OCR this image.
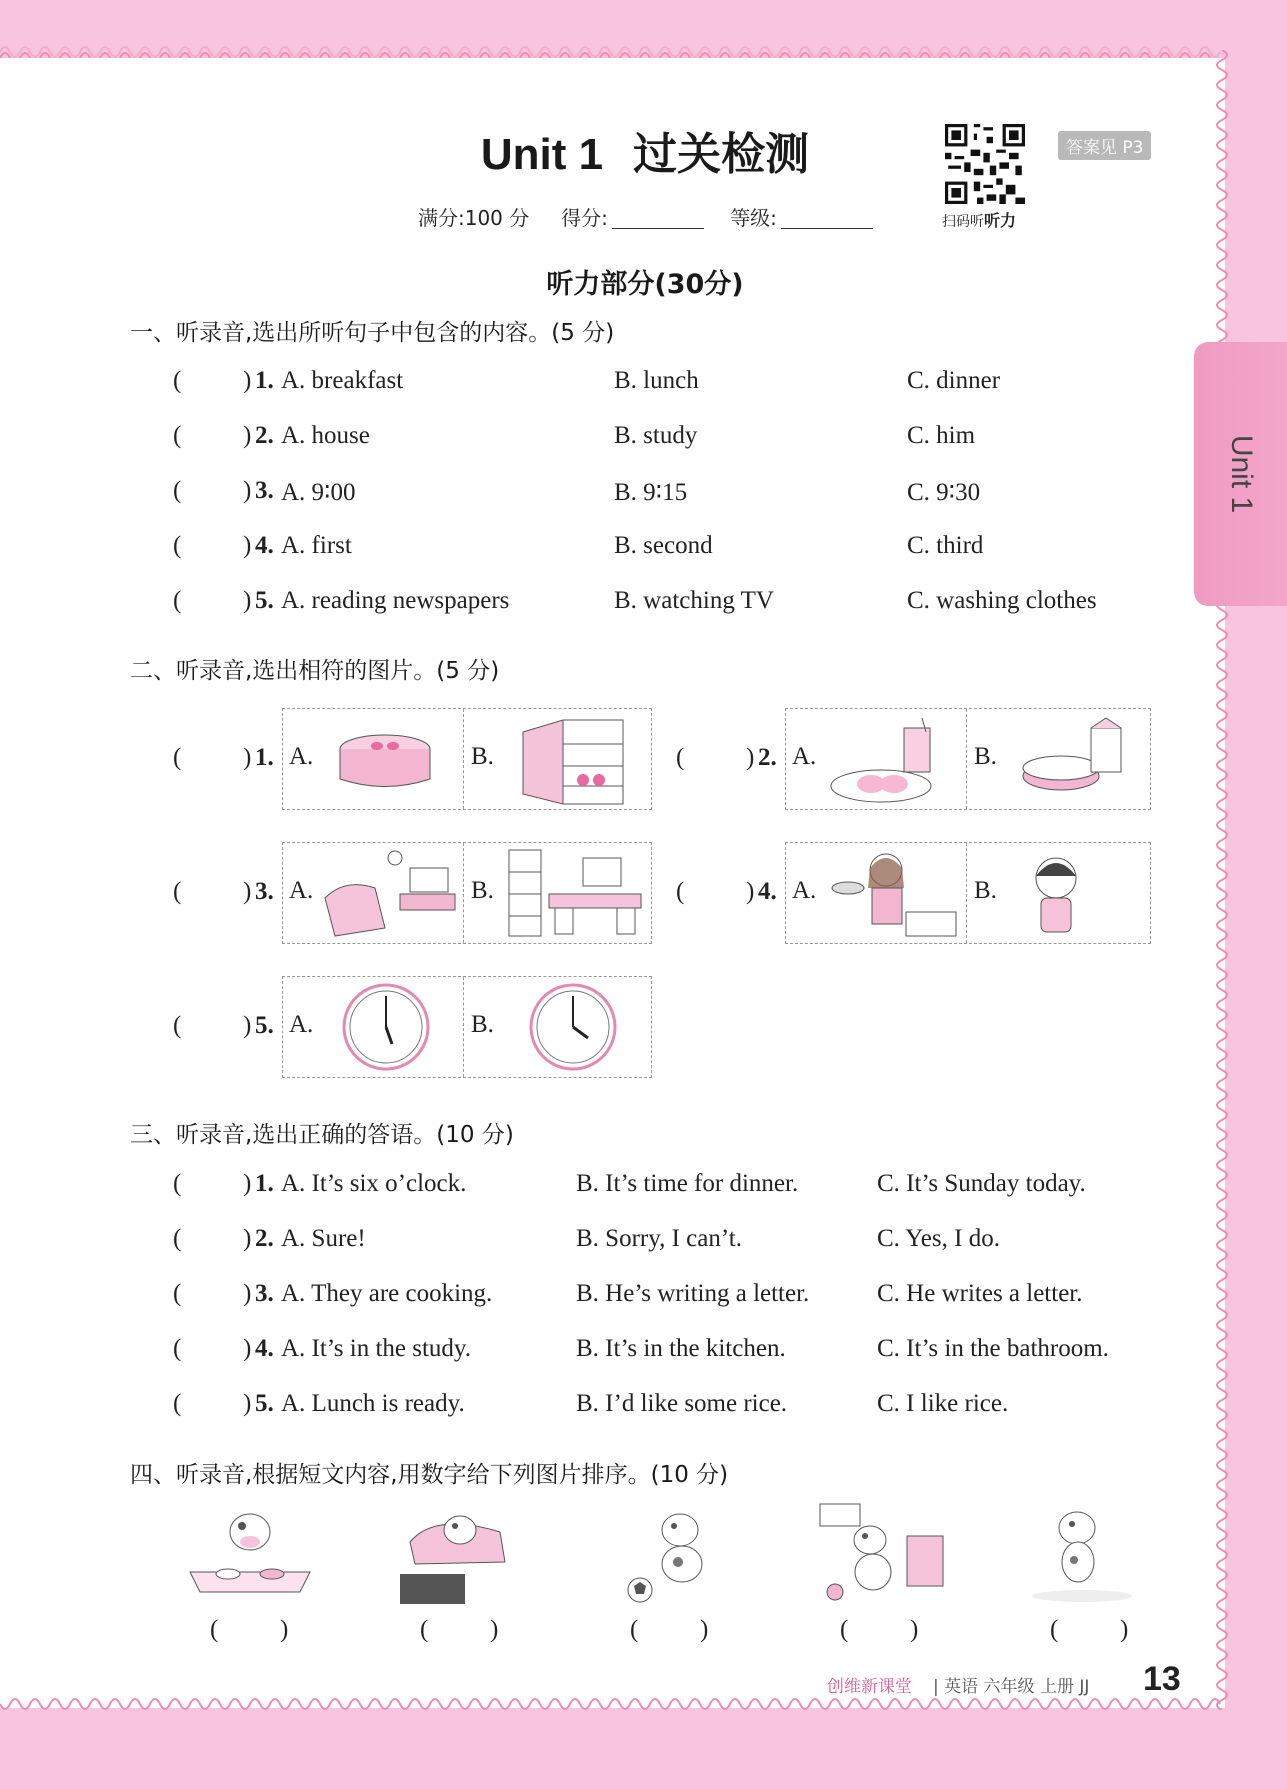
Unit 1
Unit 1 过关检测
扫码听听力
答案见 P3
满分:100 分 得分:	等级:
听力部分(30分)
一、听录音,选出所听句子中包含的内容。(5 分)
( ) 1. A. breakfast	B. lunch	C. dinner
( ) 2. A. house	B. study	C. him
( ) 3. A. 9∶00	B. 9∶15	C. 9∶30
( ) 4. A. first	B. second	C. third
( ) 5. A. reading newspapers	B. watching TV	C. washing clothes
二、听录音,选出相符的图片。(5 分)
( ) 1. A.	B.	( ) 2. A.	B.
( ) 3. A.	B.	( ) 4. A.	B.
( ) 5. A.	B.
三、听录音,选出正确的答语。(10 分)
( ) 1. A. It’s six o’clock.	B. It’s time for dinner.	C. It’s Sunday today.
( ) 2. A. Sure!	B. Sorry, I can’t.	C. Yes, I do.
( ) 3. A. They are cooking.	B. He’s writing a letter.	C. He writes a letter.
( ) 4. A. It’s in the study.	B. It’s in the kitchen.	C. It’s in the bathroom.
( ) 5. A. Lunch is ready.	B. I’d like some rice.	C. I like rice.
四、听录音,根据短文内容,用数字给下列图片排序。(10 分)
( )	( )	( )	( )	( )
创维新课堂 | 英语 六年级 上册 JJ 13
